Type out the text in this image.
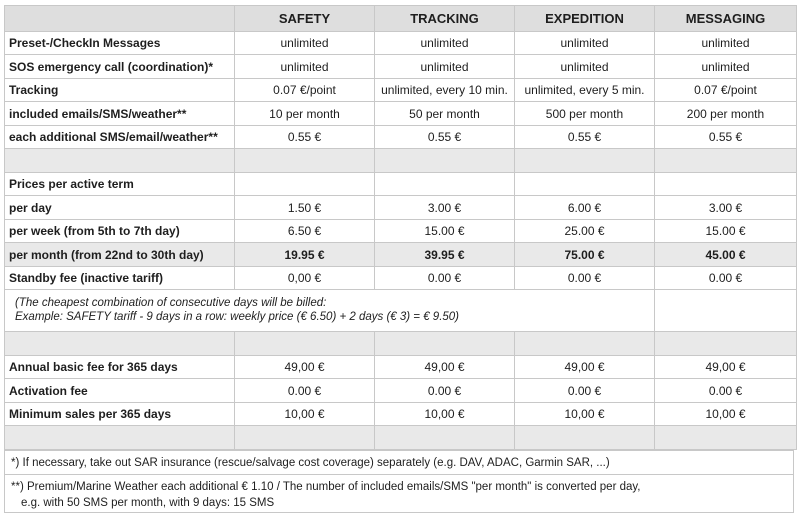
	SAFETY	TRACKING	EXPEDITION	MESSAGING
Preset-/CheckIn Messages	unlimited	unlimited	unlimited	unlimited
SOS emergency call (coordination)*	unlimited	unlimited	unlimited	unlimited
Tracking	0.07 €/point	unlimited, every 10 min.	unlimited, every 5 min.	0.07 €/point
included emails/SMS/weather**	10 per month	50 per month	500 per month	200 per month
each additional SMS/email/weather**	0.55 €	0.55 €	0.55 €	0.55 €

Prices per active term				
per day	1.50 €	3.00 €	6.00 €	3.00 €
per week (from 5th to 7th day)	6.50 €	15.00 €	25.00 €	15.00 €
per month (from 22nd to 30th day)	19.95 €	39.95 €	75.00 €	45.00 €
Standby fee (inactive tariff)	0,00 €	0.00 €	0.00 €	0.00 €
(The cheapest combination of consecutive days will be billed:
Example: SAFETY tariff - 9 days in a row: weekly price (€ 6.50) + 2 days (€ 3) = € 9.50)				

Annual basic fee for 365 days	49,00 €	49,00 €	49,00 €	49,00 €
Activation fee	0.00 €	0.00 €	0.00 €	0.00 €
Minimum sales per 365 days	10,00 €	10,00 €	10,00 €	10,00 €

*) If necessary, take out SAR insurance (rescue/salvage cost coverage) separately (e.g. DAV, ADAC, Garmin SAR, ...)
**) Premium/Marine Weather each additional € 1.10 / The number of included emails/SMS "per month" is converted per day,
e.g. with 50 SMS per month, with 9 days: 15 SMS
